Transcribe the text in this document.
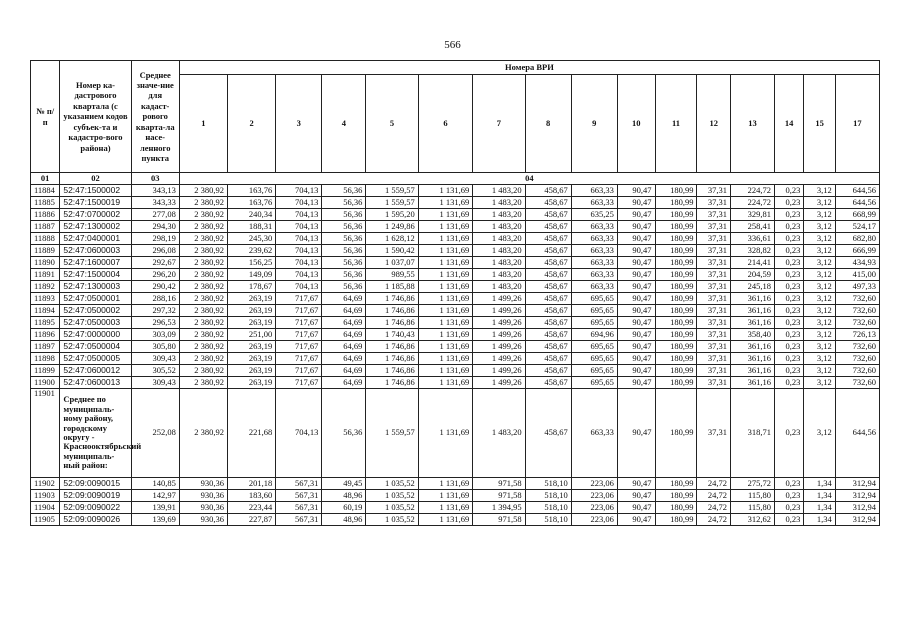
566
№ п/п	Номер ка-дастрового квартала (с указанием кодов субъек-та и кадастро-вого района)	Среднее значе-ние для кадаст-рового кварта-ла насе-ленного пункта	Номера ВРИ															
			1	2	3	4	5	6	7	8	9	10	11	12	13	14	15	17
01	02	03	04															
11884	52:47:1500002	343,13	2 380,92	163,76	704,13	56,36	1 559,57	1 131,69	1 483,20	458,67	663,33	90,47	180,99	37,31	224,72	0,23	3,12	644,56
11885	52:47:1500019	343,33	2 380,92	163,76	704,13	56,36	1 559,57	1 131,69	1 483,20	458,67	663,33	90,47	180,99	37,31	224,72	0,23	3,12	644,56
11886	52:47:0700002	277,08	2 380,92	240,34	704,13	56,36	1 595,20	1 131,69	1 483,20	458,67	635,25	90,47	180,99	37,31	329,81	0,23	3,12	668,99
11887	52:47:1300002	294,30	2 380,92	188,31	704,13	56,36	1 249,86	1 131,69	1 483,20	458,67	663,33	90,47	180,99	37,31	258,41	0,23	3,12	524,17
11888	52:47:0400001	298,19	2 380,92	245,30	704,13	56,36	1 628,12	1 131,69	1 483,20	458,67	663,33	90,47	180,99	37,31	336,61	0,23	3,12	682,80
11889	52:47:0600003	296,08	2 380,92	239,62	704,13	56,36	1 590,42	1 131,69	1 483,20	458,67	663,33	90,47	180,99	37,31	328,82	0,23	3,12	666,99
11890	52:47:1600007	292,67	2 380,92	156,25	704,13	56,36	1 037,07	1 131,69	1 483,20	458,67	663,33	90,47	180,99	37,31	214,41	0,23	3,12	434,93
11891	52:47:1500004	296,20	2 380,92	149,09	704,13	56,36	989,55	1 131,69	1 483,20	458,67	663,33	90,47	180,99	37,31	204,59	0,23	3,12	415,00
11892	52:47:1300003	290,42	2 380,92	178,67	704,13	56,36	1 185,88	1 131,69	1 483,20	458,67	663,33	90,47	180,99	37,31	245,18	0,23	3,12	497,33
11893	52:47:0500001	288,16	2 380,92	263,19	717,67	64,69	1 746,86	1 131,69	1 499,26	458,67	695,65	90,47	180,99	37,31	361,16	0,23	3,12	732,60
11894	52:47:0500002	297,32	2 380,92	263,19	717,67	64,69	1 746,86	1 131,69	1 499,26	458,67	695,65	90,47	180,99	37,31	361,16	0,23	3,12	732,60
11895	52:47:0500003	296,53	2 380,92	263,19	717,67	64,69	1 746,86	1 131,69	1 499,26	458,67	695,65	90,47	180,99	37,31	361,16	0,23	3,12	732,60
11896	52:47:0000000	303,09	2 380,92	251,00	717,67	64,69	1 740,43	1 131,69	1 499,26	458,67	694,96	90,47	180,99	37,31	358,40	0,23	3,12	726,13
11897	52:47:0500004	305,80	2 380,92	263,19	717,67	64,69	1 746,86	1 131,69	1 499,26	458,67	695,65	90,47	180,99	37,31	361,16	0,23	3,12	732,60
11898	52:47:0500005	309,43	2 380,92	263,19	717,67	64,69	1 746,86	1 131,69	1 499,26	458,67	695,65	90,47	180,99	37,31	361,16	0,23	3,12	732,60
11899	52:47:0600012	305,52	2 380,92	263,19	717,67	64,69	1 746,86	1 131,69	1 499,26	458,67	695,65	90,47	180,99	37,31	361,16	0,23	3,12	732,60
11900	52:47:0600013	309,43	2 380,92	263,19	717,67	64,69	1 746,86	1 131,69	1 499,26	458,67	695,65	90,47	180,99	37,31	361,16	0,23	3,12	732,60
11901	Среднее по муниципаль-ному району, городскому округу - Краснооктябрьский муниципаль-ный район:	252,08	2 380,92	221,68	704,13	56,36	1 559,57	1 131,69	1 483,20	458,67	663,33	90,47	180,99	37,31	318,71	0,23	3,12	644,56
11902	52:09:0090015	140,85	930,36	201,18	567,31	49,45	1 035,52	1 131,69	971,58	518,10	223,06	90,47	180,99	24,72	275,72	0,23	1,34	312,94
11903	52:09:0090019	142,97	930,36	183,60	567,31	48,96	1 035,52	1 131,69	971,58	518,10	223,06	90,47	180,99	24,72	115,80	0,23	1,34	312,94
11904	52:09:0090022	139,91	930,36	223,44	567,31	60,19	1 035,52	1 131,69	1 394,95	518,10	223,06	90,47	180,99	24,72	115,80	0,23	1,34	312,94
11905	52:09:0090026	139,69	930,36	227,87	567,31	48,96	1 035,52	1 131,69	971,58	518,10	223,06	90,47	180,99	24,72	312,62	0,23	1,34	312,94
